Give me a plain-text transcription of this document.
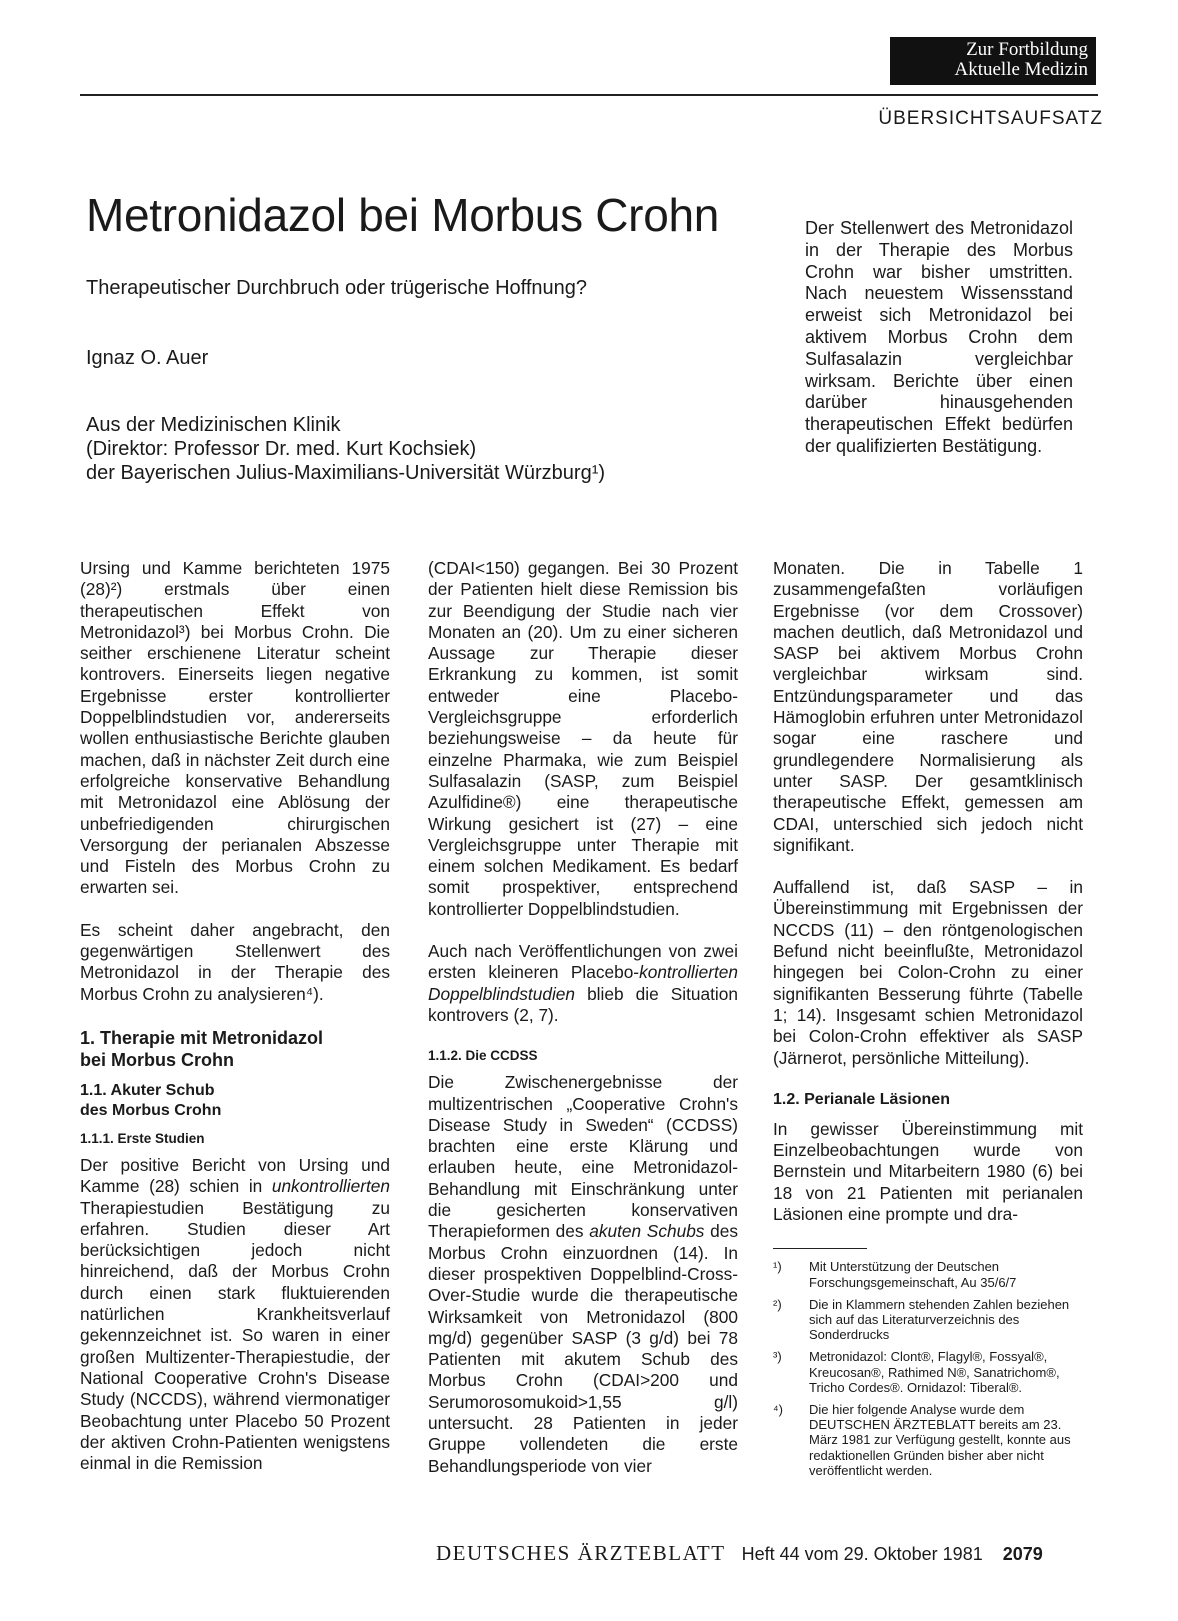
Zur Fortbildung
Aktuelle Medizin
ÜBERSICHTSAUFSATZ
Metronidazol bei Morbus Crohn
Therapeutischer Durchbruch oder trügerische Hoffnung?
Ignaz O. Auer
Aus der Medizinischen Klinik
(Direktor: Professor Dr. med. Kurt Kochsiek)
der Bayerischen Julius-Maximilians-Universität Würzburg¹)

Der Stellenwert des Metronidazol in der Therapie des Morbus Crohn war bisher umstritten. Nach neuestem Wissensstand erweist sich Metronidazol bei aktivem Morbus Crohn dem Sulfasalazin vergleichbar wirksam. Berichte über einen darüber hinausgehenden therapeutischen Effekt bedürfen der qualifizierten Bestätigung.

Ursing und Kamme berichteten 1975 (28)²) erstmals über einen therapeutischen Effekt von Metronidazol³) bei Morbus Crohn. Die seither erschienene Literatur scheint kontrovers. Einerseits liegen negative Ergebnisse erster kontrollierter Doppelblindstudien vor, andererseits wollen enthusiastische Berichte glauben machen, daß in nächster Zeit durch eine erfolgreiche konservative Behandlung mit Metronidazol eine Ablösung der unbefriedigenden chirurgischen Versorgung der perianalen Abszesse und Fisteln des Morbus Crohn zu erwarten sei.

Es scheint daher angebracht, den gegenwärtigen Stellenwert des Metronidazol in der Therapie des Morbus Crohn zu analysieren⁴).

1. Therapie mit Metronidazol
bei Morbus Crohn
1.1. Akuter Schub
des Morbus Crohn
1.1.1. Erste Studien

Der positive Bericht von Ursing und Kamme (28) schien in unkontrollierten Therapiestudien Bestätigung zu erfahren. Studien dieser Art berücksichtigen jedoch nicht hinreichend, daß der Morbus Crohn durch einen stark fluktuierenden natürlichen Krankheitsverlauf gekennzeichnet ist. So waren in einer großen Multizenter-Therapiestudie, der National Cooperative Crohn's Disease Study (NCCDS), während viermonatiger Beobachtung unter Placebo 50 Prozent der aktiven Crohn-Patienten wenigstens einmal in die Remission

(CDAI<150) gegangen. Bei 30 Prozent der Patienten hielt diese Remission bis zur Beendigung der Studie nach vier Monaten an (20). Um zu einer sicheren Aussage zur Therapie dieser Erkrankung zu kommen, ist somit entweder eine Placebo-Vergleichsgruppe erforderlich beziehungsweise – da heute für einzelne Pharmaka, wie zum Beispiel Sulfasalazin (SASP, zum Beispiel Azulfidine®) eine therapeutische Wirkung gesichert ist (27) – eine Vergleichsgruppe unter Therapie mit einem solchen Medikament. Es bedarf somit prospektiver, entsprechend kontrollierter Doppelblindstudien.

Auch nach Veröffentlichungen von zwei ersten kleineren Placebo-kontrollierten Doppelblindstudien blieb die Situation kontrovers (2, 7).

1.1.2. Die CCDSS

Die Zwischenergebnisse der multizentrischen „Cooperative Crohn's Disease Study in Sweden“ (CCDSS) brachten eine erste Klärung und erlauben heute, eine Metronidazol-Behandlung mit Einschränkung unter die gesicherten konservativen Therapieformen des akuten Schubs des Morbus Crohn einzuordnen (14). In dieser prospektiven Doppelblind-Cross-Over-Studie wurde die therapeutische Wirksamkeit von Metronidazol (800 mg/d) gegenüber SASP (3 g/d) bei 78 Patienten mit akutem Schub des Morbus Crohn (CDAI>200 und Serumorosomukoid>1,55 g/l) untersucht. 28 Patienten in jeder Gruppe vollendeten die erste Behandlungsperiode von vier

Monaten. Die in Tabelle 1 zusammengefaßten vorläufigen Ergebnisse (vor dem Crossover) machen deutlich, daß Metronidazol und SASP bei aktivem Morbus Crohn vergleichbar wirksam sind. Entzündungsparameter und das Hämoglobin erfuhren unter Metronidazol sogar eine raschere und grundlegendere Normalisierung als unter SASP. Der gesamtklinisch therapeutische Effekt, gemessen am CDAI, unterschied sich jedoch nicht signifikant.

Auffallend ist, daß SASP – in Übereinstimmung mit Ergebnissen der NCCDS (11) – den röntgenologischen Befund nicht beeinflußte, Metronidazol hingegen bei Colon-Crohn zu einer signifikanten Besserung führte (Tabelle 1; 14). Insgesamt schien Metronidazol bei Colon-Crohn effektiver als SASP (Järnerot, persönliche Mitteilung).

1.2. Perianale Läsionen

In gewisser Übereinstimmung mit Einzelbeobachtungen wurde von Bernstein und Mitarbeitern 1980 (6) bei 18 von 21 Patienten mit perianalen Läsionen eine prompte und dra-

¹) Mit Unterstützung der Deutschen Forschungsgemeinschaft, Au 35/6/7
²) Die in Klammern stehenden Zahlen beziehen sich auf das Literaturverzeichnis des Sonderdrucks
³) Metronidazol: Clont®, Flagyl®, Fossyal®, Kreucosan®, Rathimed N®, Sanatrichom®, Tricho Cordes®. Ornidazol: Tiberal®.
⁴) Die hier folgende Analyse wurde dem DEUTSCHEN ÄRZTEBLATT bereits am 23. März 1981 zur Verfügung gestellt, konnte aus redaktionellen Gründen bisher aber nicht veröffentlicht werden.
DEUTSCHES ÄRZTEBLATT Heft 44 vom 29. Oktober 1981 2079
